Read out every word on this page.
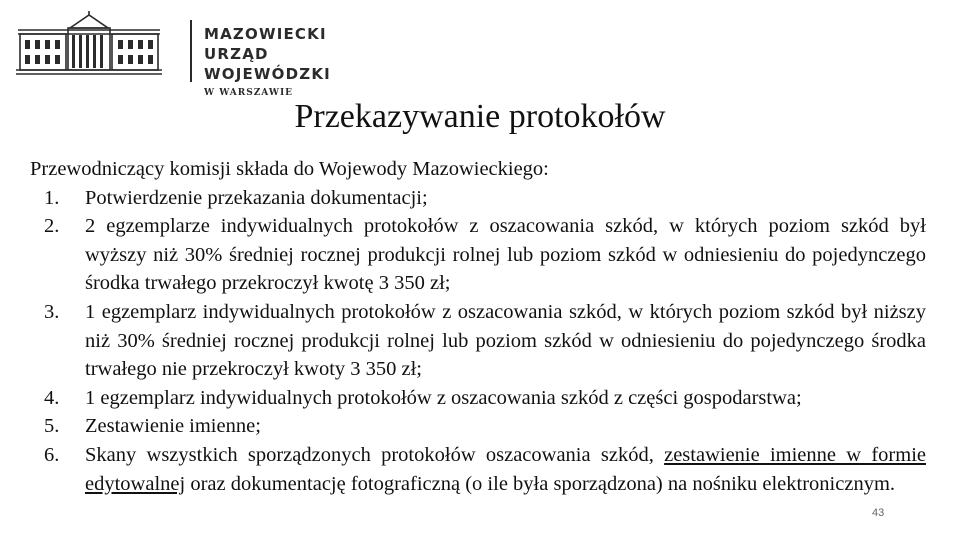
MAZOWIECKI
URZĄD WOJEWÓDZKI
W WARSZAWIE
Przekazywanie protokołów

Przewodniczący komisji składa do Wojewody Mazowieckiego:

Potwierdzenie przekazania dokumentacji;
2 egzemplarze indywidualnych protokołów z oszacowania szkód, w których poziom szkód był wyższy niż 30% średniej rocznej produkcji rolnej lub poziom szkód w odniesieniu do pojedynczego środka trwałego przekroczył kwotę 3 350 zł;
1 egzemplarz indywidualnych protokołów z oszacowania szkód, w których poziom szkód był niższy niż 30% średniej rocznej produkcji rolnej lub poziom szkód w odniesieniu do pojedynczego środka trwałego nie przekroczył kwoty 3 350 zł;
1 egzemplarz indywidualnych protokołów z oszacowania szkód z części gospodarstwa;
Zestawienie imienne;
Skany wszystkich sporządzonych protokołów oszacowania szkód, zestawienie imienne w formie edytowalnej oraz dokumentację fotograficzną (o ile była sporządzona) na nośniku elektronicznym.
43
